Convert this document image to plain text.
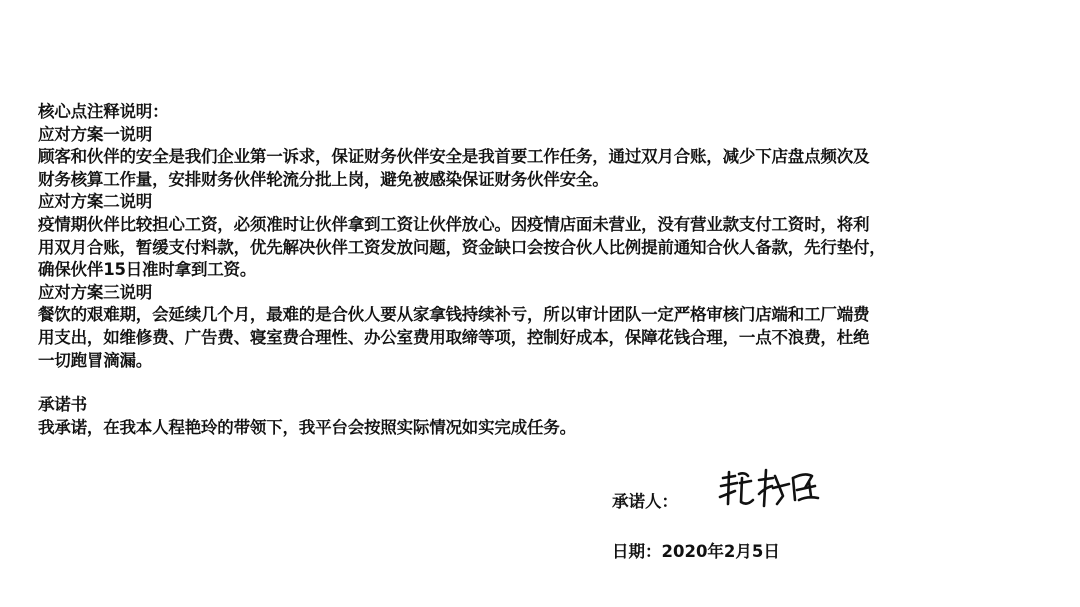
核心点注释说明：

应对方案一说明

顾客和伙伴的安全是我们企业第一诉求，保证财务伙伴安全是我首要工作任务，通过双月合账，减少下店盘点频次及

财务核算工作量，安排财务伙伴轮流分批上岗，避免被感染保证财务伙伴安全。

应对方案二说明

疫情期伙伴比较担心工资，必须准时让伙伴拿到工资让伙伴放心。因疫情店面未营业，没有营业款支付工资时，将利

用双月合账，暂缓支付料款，优先解决伙伴工资发放问题，资金缺口会按合伙人比例提前通知合伙人备款，先行垫付，

确保伙伴15日准时拿到工资。

应对方案三说明

餐饮的艰难期，会延续几个月，最难的是合伙人要从家拿钱持续补亏，所以审计团队一定严格审核门店端和工厂端费

用支出，如维修费、广告费、寝室费合理性、办公室费用取缔等项，控制好成本，保障花钱合理，一点不浪费，杜绝

一切跑冒滴漏。

承诺书

我承诺，在我本人程艳玲的带领下，我平台会按照实际情况如实完成任务。

承诺人：
日期：2020年2月5日
